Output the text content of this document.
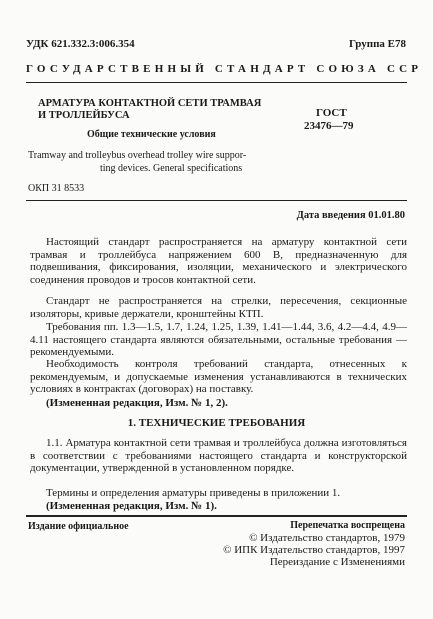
УДК 621.332.3:006.354	Группа Е78
ГОСУДАРСТВЕННЫЙ СТАНДАРТ СОЮЗА ССР
АРМАТУРА КОНТАКТНОЙ СЕТИ ТРАМВАЯ
И ТРОЛЛЕЙБУСА	ГОСТ
23476—79
Общие технические условия
Tramway and trolleybus overhead trolley wire suppor-
ting devices. General specifications
ОКП 31 8533
Дата введения 01.01.80
Настоящий стандарт распространяется на арматуру контактной сети трамвая и троллейбуса напряжением 600 В, предназначенную для подвешивания, фиксирования, изоляции, механического и электрического соединения проводов и тросов контактной сети.
Стандарт не распространяется на стрелки, пересечения, секционные изоляторы, кривые держатели, кронштейны КТП.
Требования пп. 1.3—1.5, 1.7, 1.24, 1.25, 1.39, 1.41—1.44, 3.6, 4.2—4.4, 4.9—4.11 настоящего стандарта являются обязательными, остальные требования — рекомендуемыми.
Необходимость контроля требований стандарта, отнесенных к рекомендуемым, и допускаемые изменения устанавливаются в технических условиях в контрактах (договорах) на поставку.
(Измененная редакция, Изм. № 1, 2).
1. ТЕХНИЧЕСКИЕ ТРЕБОВАНИЯ
1.1. Арматура контактной сети трамвая и троллейбуса должна изготовляться в соответствии с требованиями настоящего стандарта и конструкторской документации, утвержденной в установленном порядке.
Термины и определения арматуры приведены в приложении 1.
(Измененная редакция, Изм. № 1).
Издание официальное	Перепечатка воспрещена
© Издательство стандартов, 1979
© ИПК Издательство стандартов, 1997
Переиздание с Изменениями
